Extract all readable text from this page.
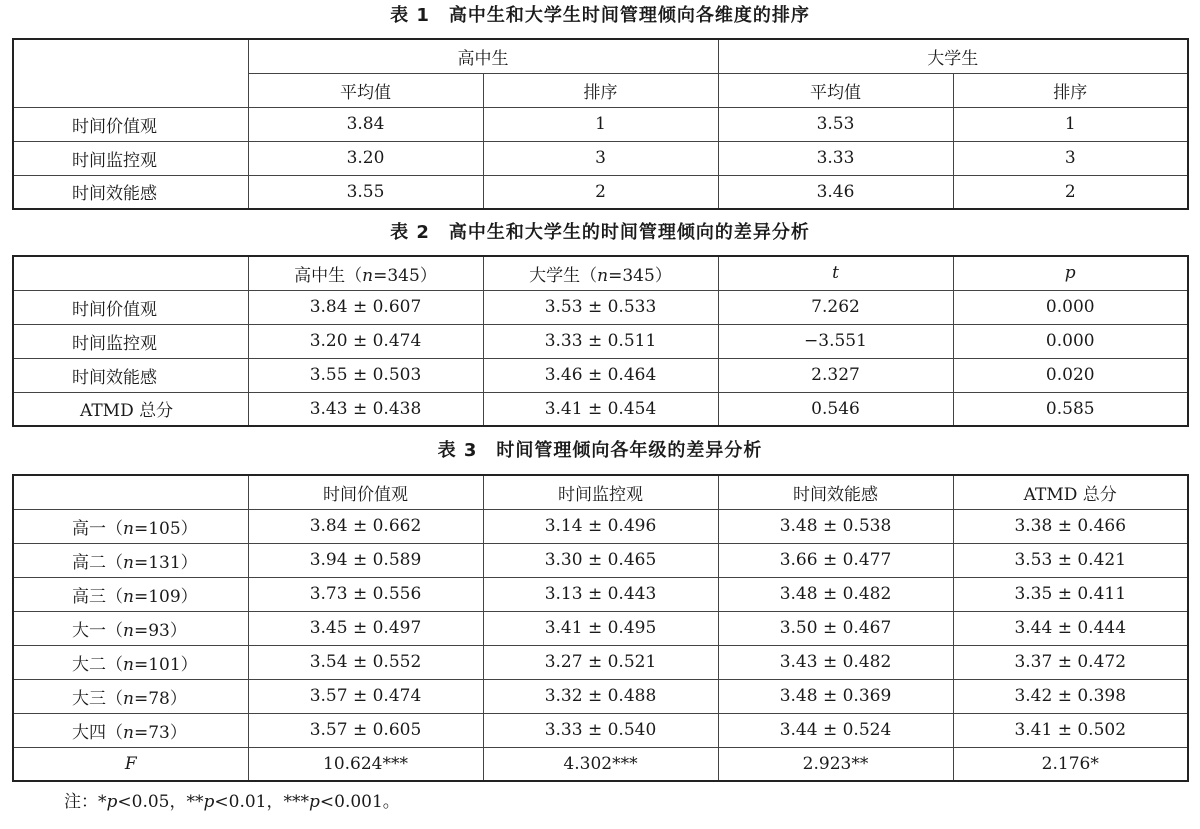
表 1　高中生和大学生时间管理倾向各维度的排序
	高中生		大学生	
	平均值	排序	平均值	排序
时间价值观	3.84	1	3.53	1
时间监控观	3.20	3	3.33	3
时间效能感	3.55	2	3.46	2
表 2　高中生和大学生的时间管理倾向的差异分析
	高中生（n=345）	大学生（n=345）	t	p
时间价值观	3.84 ± 0.607	3.53 ± 0.533	7.262	0.000
时间监控观	3.20 ± 0.474	3.33 ± 0.511	−3.551	0.000
时间效能感	3.55 ± 0.503	3.46 ± 0.464	2.327	0.020
ATMD 总分	3.43 ± 0.438	3.41 ± 0.454	0.546	0.585
表 3　时间管理倾向各年级的差异分析
	时间价值观	时间监控观	时间效能感	ATMD 总分
高一（n=105）	3.84 ± 0.662	3.14 ± 0.496	3.48 ± 0.538	3.38 ± 0.466
高二（n=131）	3.94 ± 0.589	3.30 ± 0.465	3.66 ± 0.477	3.53 ± 0.421
高三（n=109）	3.73 ± 0.556	3.13 ± 0.443	3.48 ± 0.482	3.35 ± 0.411
大一（n=93）	3.45 ± 0.497	3.41 ± 0.495	3.50 ± 0.467	3.44 ± 0.444
大二（n=101）	3.54 ± 0.552	3.27 ± 0.521	3.43 ± 0.482	3.37 ± 0.472
大三（n=78）	3.57 ± 0.474	3.32 ± 0.488	3.48 ± 0.369	3.42 ± 0.398
大四（n=73）	3.57 ± 0.605	3.33 ± 0.540	3.44 ± 0.524	3.41 ± 0.502
F	10.624***	4.302***	2.923**	2.176*
注：*p<0.05，**p<0.01，***p<0.001。
